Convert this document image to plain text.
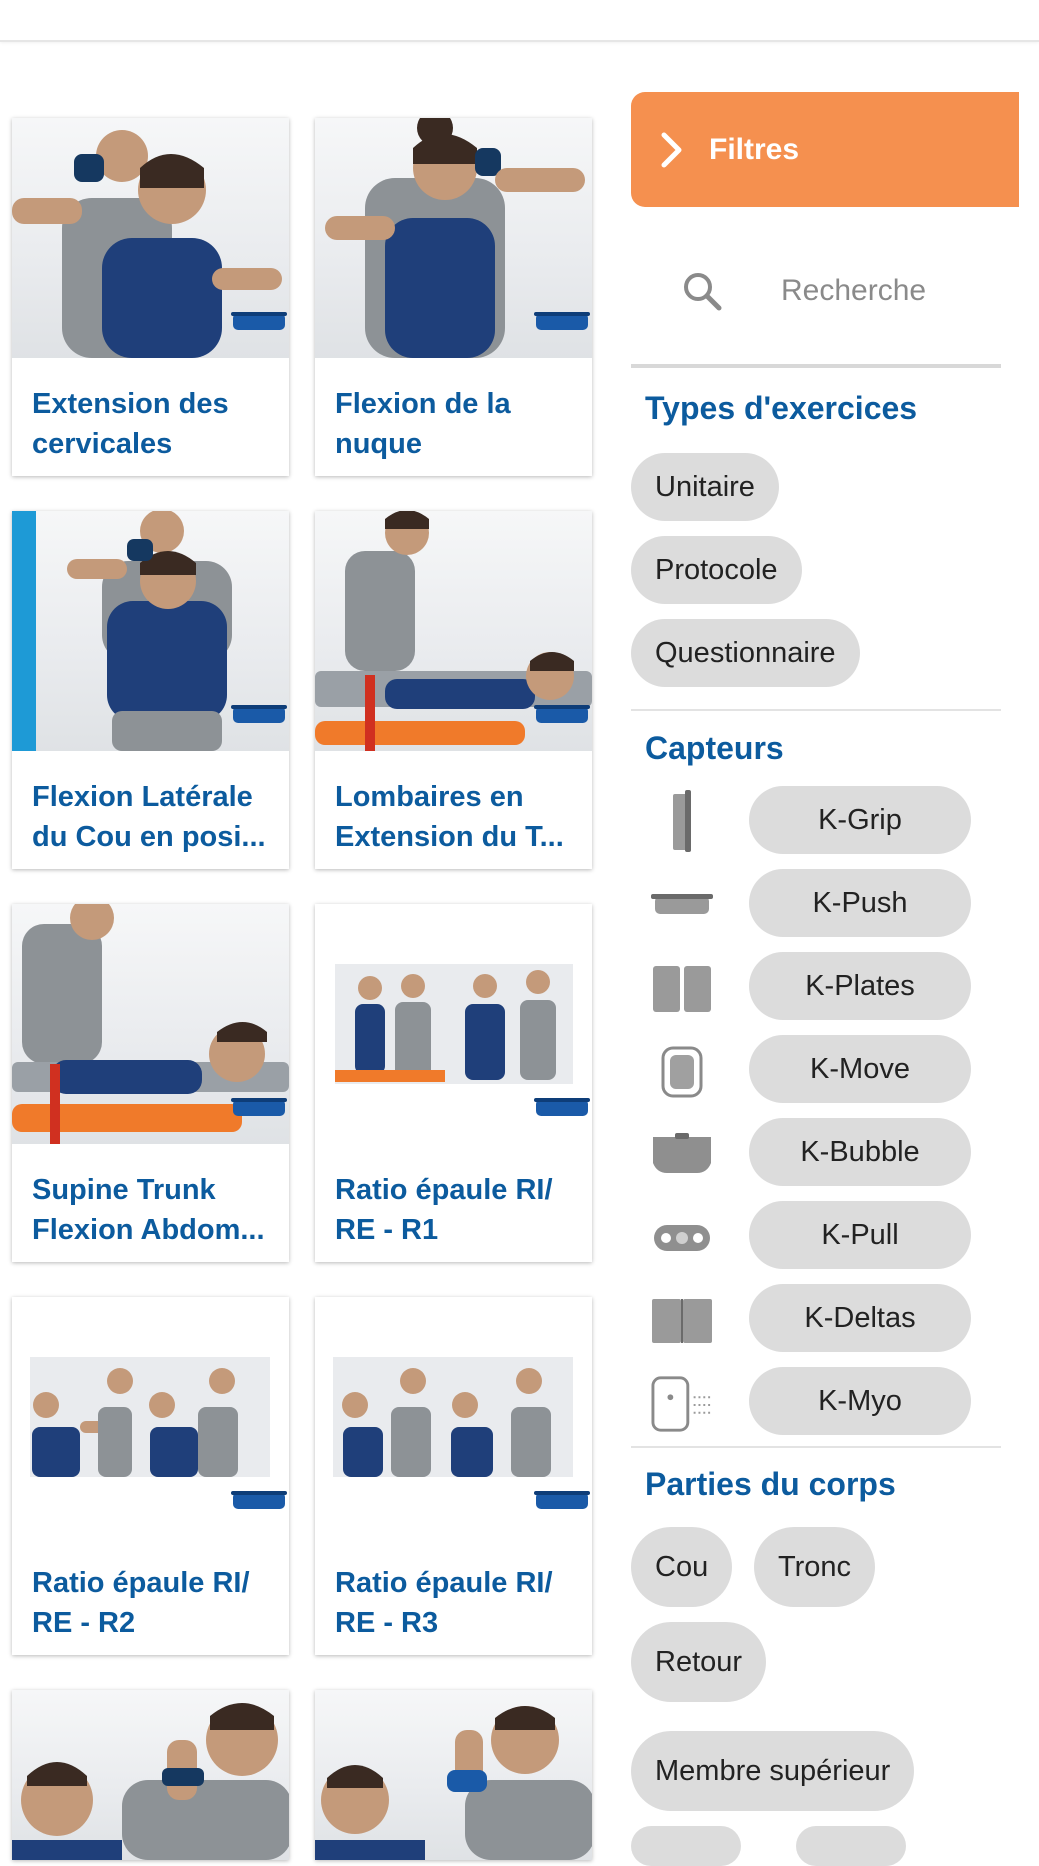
Extension des cervicales
Flexion de la nuque
Flexion Latérale du Cou en posi...
Lombaires en Extension du T...
Supine Trunk Flexion Abdom...
Ratio épaule RI/ RE - R1
Ratio épaule RI/ RE - R2
Ratio épaule RI/ RE - R3
Filtres
Recherche
Types d'exercices
Unitaire
Protocole
Questionnaire
Capteurs
K-Grip
K-Push
K-Plates
K-Move
K-Bubble
K-Pull
K-Deltas
K-Myo
Parties du corps
Cou	Tronc
Retour
Membre supérieur
